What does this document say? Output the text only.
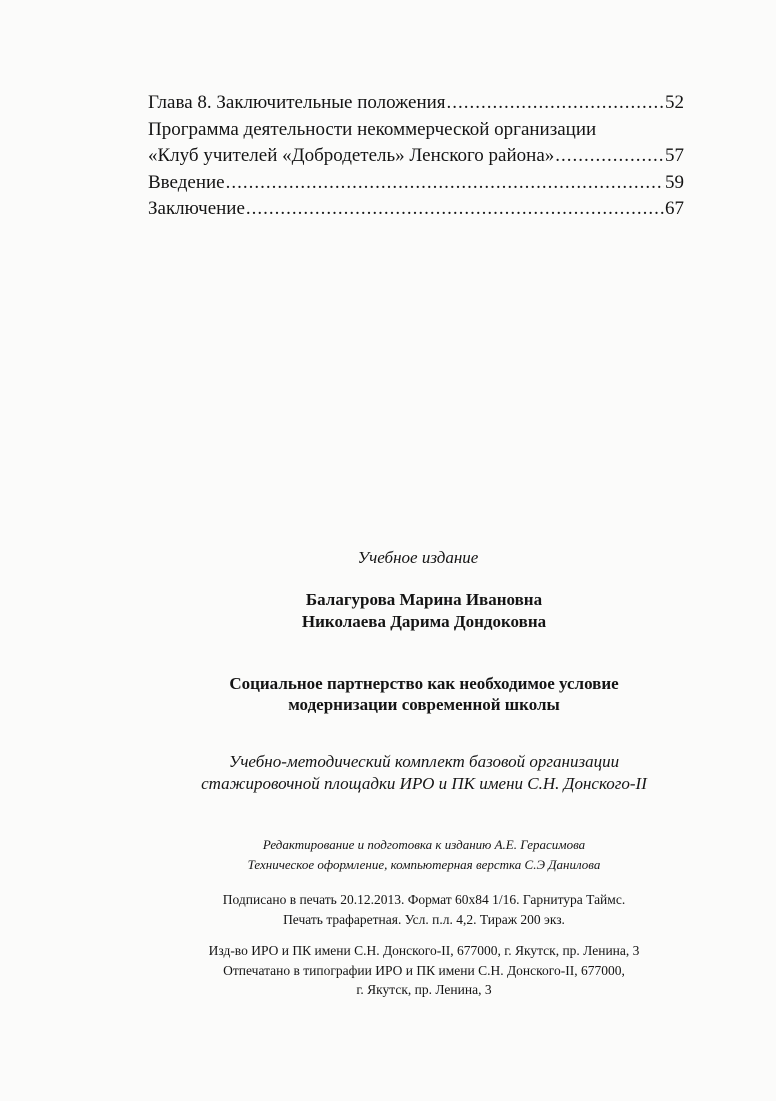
Глава 8. Заключительные положения .....	52
Программа деятельности некоммерческой организации
«Клуб учителей «Добродетель» Ленского района» .....	57
Введение .....	59
Заключение .....	67
Учебное издание
Балагурова Марина Ивановна
Николаева Дарима Дондоковна
Социальное партнерство как необходимое условие
модернизации современной школы
Учебно-методический комплект базовой организации
стажировочной площадки ИРО и ПК имени С.Н. Донского-II
Редактирование и подготовка к изданию А.Е. Герасимова
Техническое оформление, компьютерная верстка С.Э Данилова
Подписано в печать 20.12.2013. Формат 60х84 1/16. Гарнитура Таймс.
Печать трафаретная. Усл. п.л. 4,2. Тираж 200 экз.
Изд-во ИРО и ПК имени С.Н. Донского-II, 677000, г. Якутск, пр. Ленина, 3
Отпечатано в типографии ИРО и ПК имени С.Н. Донского-II, 677000,
г. Якутск, пр. Ленина, 3
